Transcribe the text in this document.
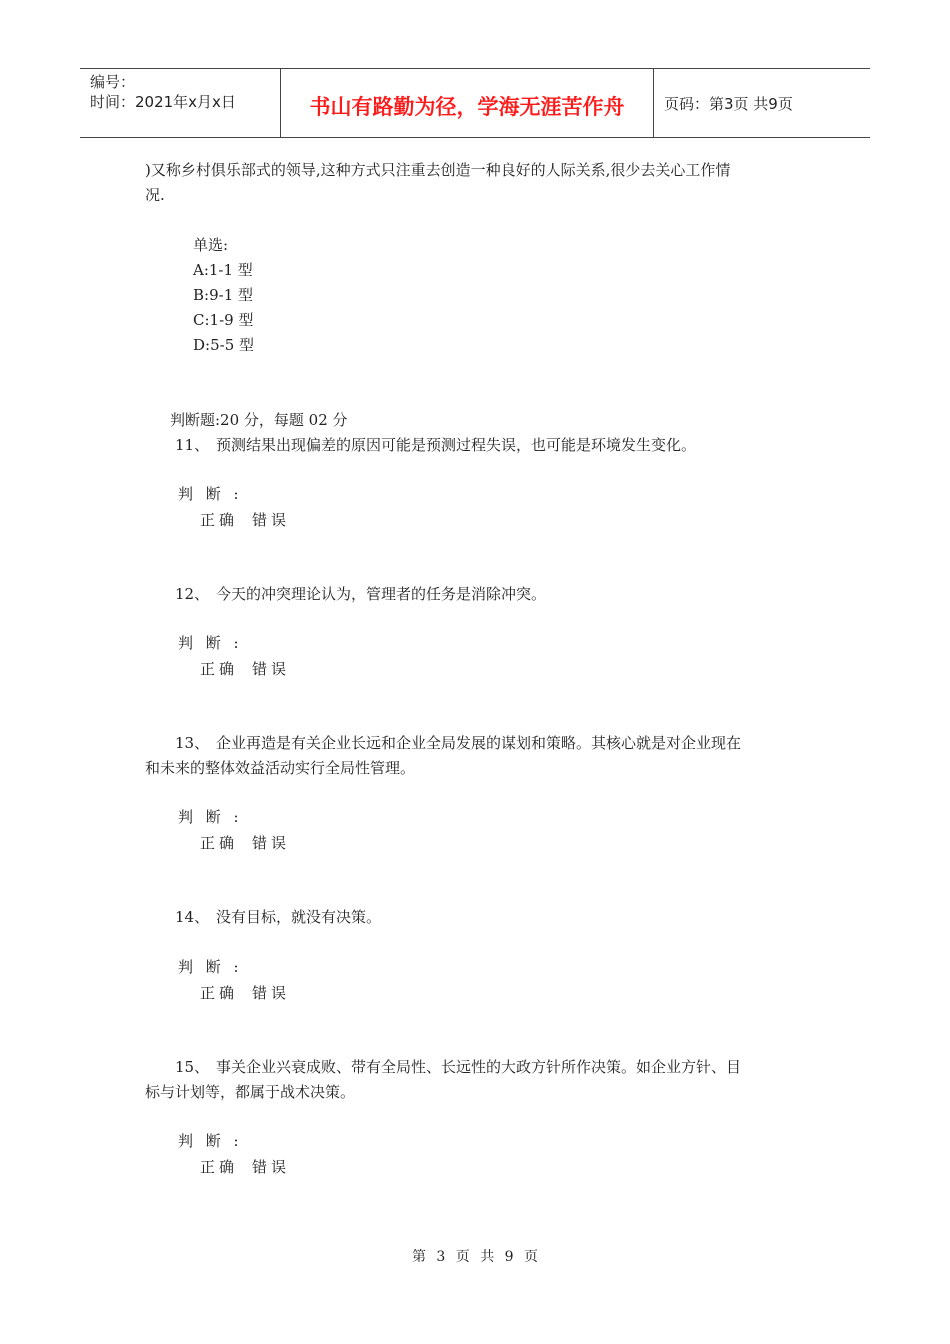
编号：
时间：2021年x月x日	书山有路勤为径，学海无涯苦作舟	页码：第3页 共9页
)又称乡村俱乐部式的领导,这种方式只注重去创造一种良好的人际关系,很少去关心工作情
况.
单选:
A:1-1 型
B:9-1 型
C:1-9 型
D:5-5 型
判断题:20 分，每题 02 分
11、 预测结果出现偏差的原因可能是预测过程失误，也可能是环境发生变化。
判 断 :
正确 错误
12、 今天的冲突理论认为，管理者的任务是消除冲突。
判 断 :
正确 错误
13、 企业再造是有关企业长远和企业全局发展的谋划和策略。其核心就是对企业现在
和未来的整体效益活动实行全局性管理。
判 断 :
正确 错误
14、 没有目标，就没有决策。
判 断 :
正确 错误
15、 事关企业兴衰成败、带有全局性、长远性的大政方针所作决策。如企业方针、目
标与计划等，都属于战术决策。
判 断 :
正确 错误
第 3 页 共 9 页
